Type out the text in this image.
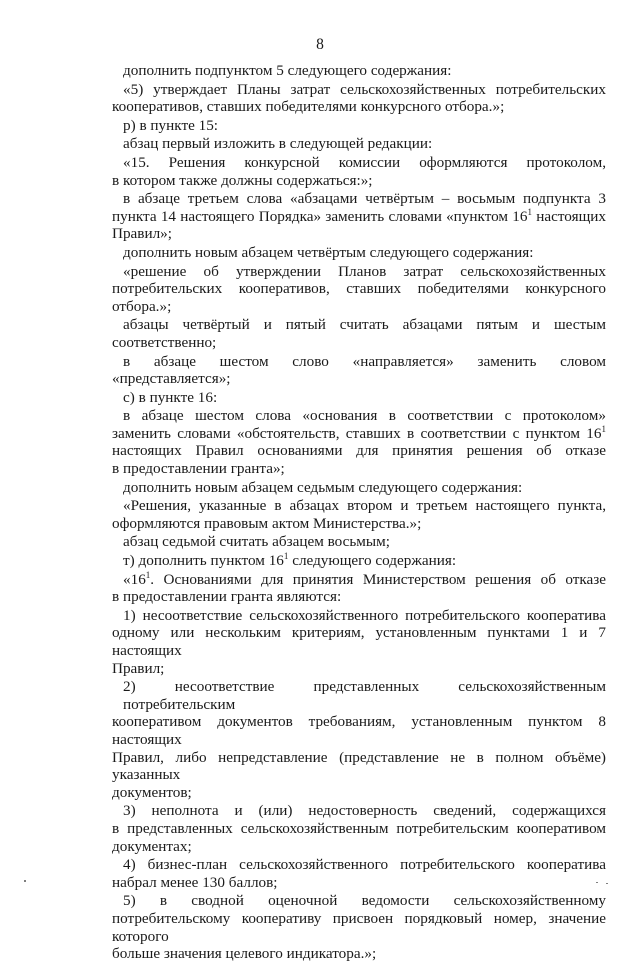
8
дополнить подпунктом 5 следующего содержания:
«5) утверждает Планы затрат сельскохозяйственных потребительских
кооперативов, ставших победителями конкурсного отбора.»;
р) в пункте 15:
абзац первый изложить в следующей редакции:
«15. Решения конкурсной комиссии оформляются протоколом,
в котором также должны содержаться:»;
в абзаце третьем слова «абзацами четвёртым – восьмым подпункта 3
пункта 14 настоящего Порядка» заменить словами «пунктом $16^1$ настоящих
Правил»;
дополнить новым абзацем четвёртым следующего содержания:
«решение об утверждении Планов затрат сельскохозяйственных
потребительских кооперативов, ставших победителями конкурсного отбора.»;
абзацы четвёртый и пятый считать абзацами пятым и шестым
соответственно;
в абзаце шестом слово «направляется» заменить словом
«представляется»;
с) в пункте 16:
в абзаце шестом слова «основания в соответствии с протоколом»
заменить словами «обстоятельств, ставших в соответствии с пунктом $16^1$
настоящих Правил основаниями для принятия решения об отказе
в предоставлении гранта»;
дополнить новым абзацем седьмым следующего содержания:
«Решения, указанные в абзацах втором и третьем настоящего пункта,
оформляются правовым актом Министерства.»;
абзац седьмой считать абзацем восьмым;
т) дополнить пунктом $16^1$ следующего содержания:
«$16^1$. Основаниями для принятия Министерством решения об отказе
в предоставлении гранта являются:
1) несоответствие сельскохозяйственного потребительского кооператива
одному или нескольким критериям, установленным пунктами 1 и 7 настоящих
Правил;
2) несоответствие представленных сельскохозяйственным потребительским
кооперативом документов требованиям, установленным пунктом 8 настоящих
Правил, либо непредставление (представление не в полном объёме) указанных
документов;
3) неполнота и (или) недостоверность сведений, содержащихся
в представленных сельскохозяйственным потребительским кооперативом
документах;
4) бизнес-план сельскохозяйственного потребительского кооператива
набрал менее 130 баллов;
5) в сводной оценочной ведомости сельскохозяйственному
потребительскому кооперативу присвоен порядковый номер, значение которого
больше значения целевого индикатора.»;
